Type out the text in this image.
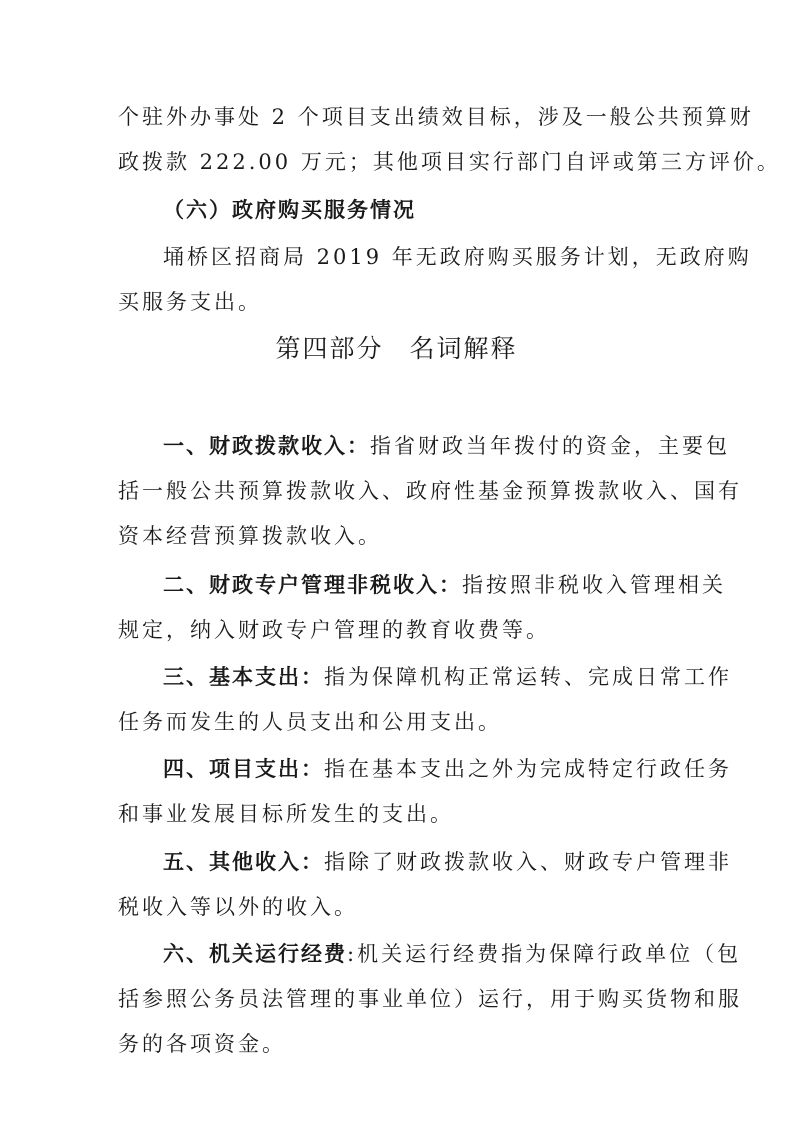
个驻外办事处 2 个项目支出绩效目标，涉及一般公共预算财
政拨款 222.00 万元；其他项目实行部门自评或第三方评价。
（六）政府购买服务情况
埇桥区招商局 2019 年无政府购买服务计划，无政府购
买服务支出。
第四部分 名词解释
一、财政拨款收入：指省财政当年拨付的资金，主要包
括一般公共预算拨款收入、政府性基金预算拨款收入、国有
资本经营预算拨款收入。
二、财政专户管理非税收入：指按照非税收入管理相关
规定，纳入财政专户管理的教育收费等。
三、基本支出：指为保障机构正常运转、完成日常工作
任务而发生的人员支出和公用支出。
四、项目支出：指在基本支出之外为完成特定行政任务
和事业发展目标所发生的支出。
五、其他收入：指除了财政拨款收入、财政专户管理非
税收入等以外的收入。
六、机关运行经费:机关运行经费指为保障行政单位（包
括参照公务员法管理的事业单位）运行，用于购买货物和服
务的各项资金。
